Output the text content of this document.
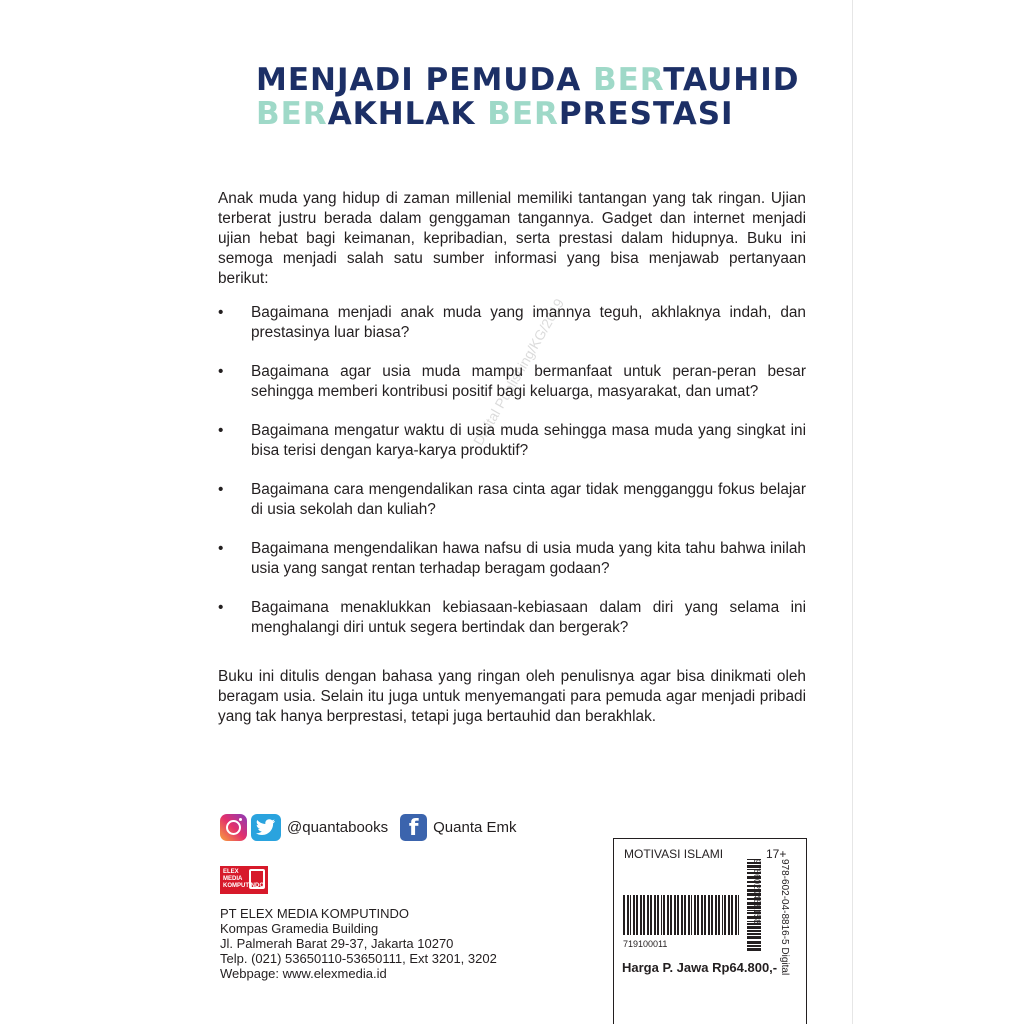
MENJADI PEMUDA BERTAUHID
BERAKHLAK BERPRESTASI

Anak muda yang hidup di zaman millenial memiliki tantangan yang tak ringan. Ujian terberat justru berada dalam genggaman tangannya. Gadget dan internet menjadi ujian hebat bagi keimanan, kepribadian, serta prestasi dalam hidupnya. Buku ini semoga menjadi salah satu sumber informasi yang bisa menjawab pertanyaan berikut:

• Bagaimana menjadi anak muda yang imannya teguh, akhlaknya indah, dan prestasinya luar biasa?
• Bagaimana agar usia muda mampu bermanfaat untuk peran-peran besar sehingga memberi kontribusi positif bagi keluarga, masyarakat, dan umat?
• Bagaimana mengatur waktu di usia muda sehingga masa muda yang singkat ini bisa terisi dengan karya-karya produktif?
• Bagaimana cara mengendalikan rasa cinta agar tidak mengganggu fokus belajar di usia sekolah dan kuliah?
• Bagaimana mengendalikan hawa nafsu di usia muda yang kita tahu bahwa inilah usia yang sangat rentan terhadap beragam godaan?
• Bagaimana menaklukkan kebiasaan-kebiasaan dalam diri yang selama ini menghalangi diri untuk segera bertindak dan bergerak?

Buku ini ditulis dengan bahasa yang ringan oleh penulisnya agar bisa dinikmati oleh beragam usia. Selain itu juga untuk menyemangati para pemuda agar menjadi pribadi yang tak hanya berprestasi, tetapi juga bertauhid dan berakhlak.

Digital Publishing/KG/2019
@quantabooks f Quanta Emk
ELEX
MEDIA
KOMPUTINDO
PT ELEX MEDIA KOMPUTINDO
Kompas Gramedia Building
Jl. Palmerah Barat 29-37, Jakarta 10270
Telp. (021) 53650110-53650111, Ext 3201, 3202
Webpage: www.elexmedia.id
MOTIVASI ISLAMI	17+
719100011
9786020488158 978-602-04-8816-5 Digital
Harga P. Jawa Rp64.800,-
